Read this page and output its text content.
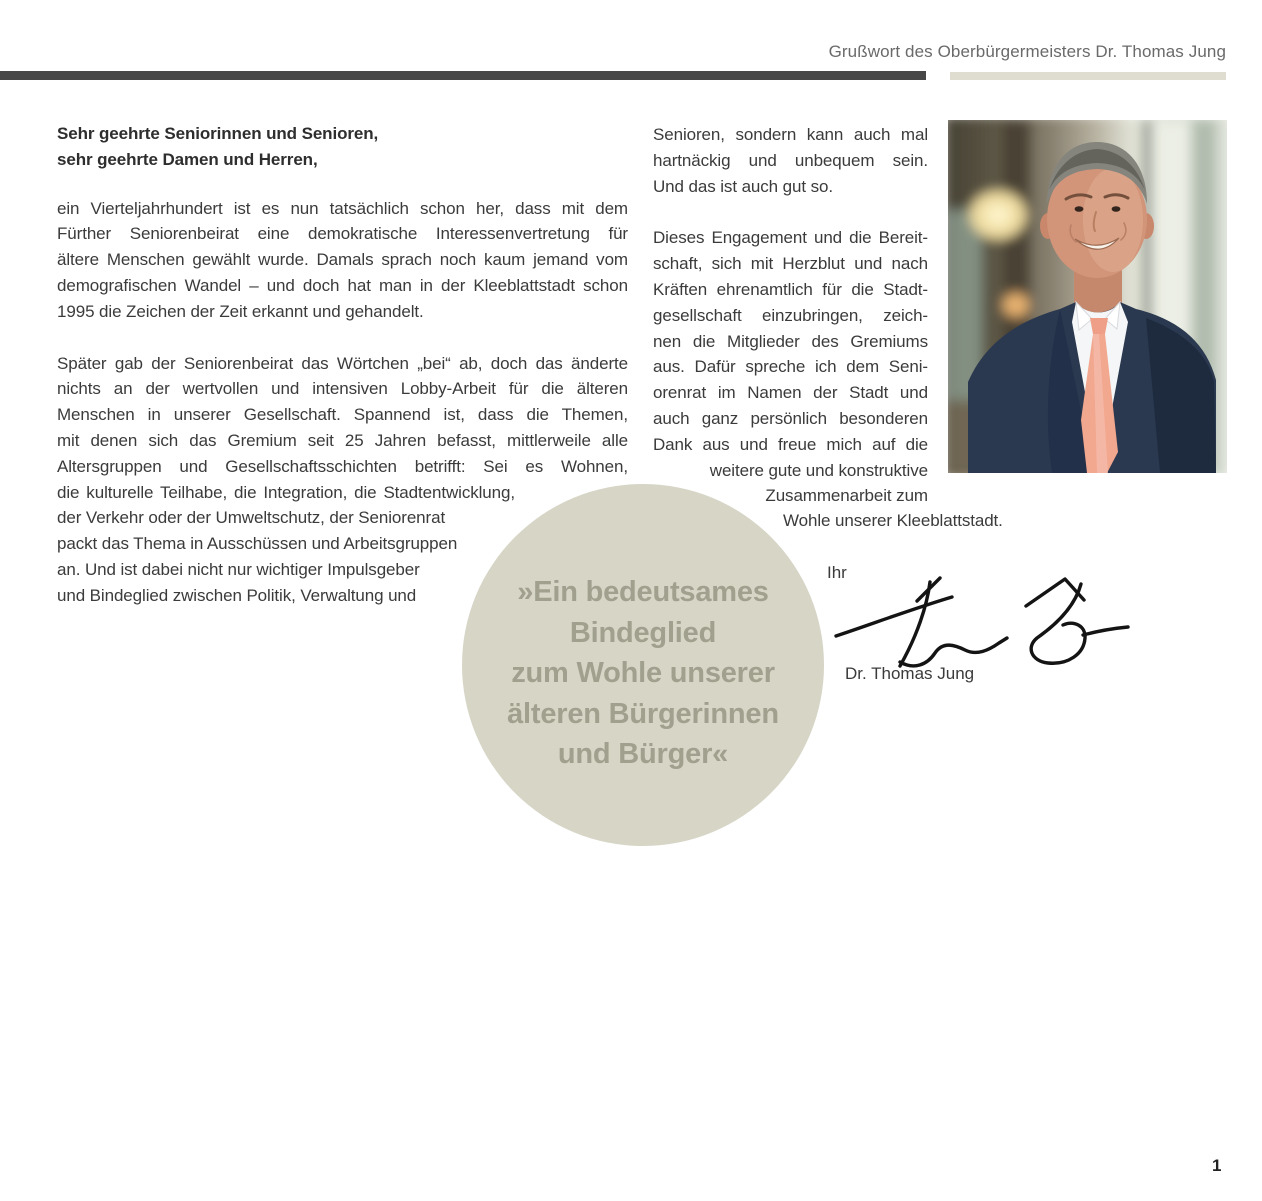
Grußwort des Oberbürgermeisters Dr. Thomas Jung
Sehr geehrte Seniorinnen und Senioren,
sehr geehrte Damen und Herren,
ein Vierteljahrhundert ist es nun tatsächlich schon her, dass mit dem
Fürther Seniorenbeirat eine demokratische Interessenvertretung für
ältere Menschen gewählt wurde. Damals sprach noch kaum jemand vom
demografischen Wandel – und doch hat man in der Kleeblattstadt schon
1995 die Zeichen der Zeit erkannt und gehandelt.
Später gab der Seniorenbeirat das Wörtchen „bei“ ab, doch das änderte
nichts an der wertvollen und intensiven Lobby-Arbeit für die älteren
Menschen in unserer Gesellschaft. Spannend ist, dass die Themen,
mit denen sich das Gremium seit 25 Jahren befasst, mittlerweile alle
Altersgruppen und Gesellschaftsschichten betrifft: Sei es Wohnen,
die kulturelle Teilhabe, die Integration, die Stadtentwicklung,
der Verkehr oder der Umweltschutz, der Seniorenrat
packt das Thema in Ausschüssen und Arbeitsgruppen
an. Und ist dabei nicht nur wichtiger Impulsgeber
und Bindeglied zwischen Politik, Verwaltung und
Senioren, sondern kann auch mal
hartnäckig und unbequem sein.
Und das ist auch gut so.
Dieses Engagement und die Bereit-
schaft, sich mit Herzblut und nach
Kräften ehrenamtlich für die Stadt-
gesellschaft einzubringen, zeich-
nen die Mitglieder des Gremiums
aus. Dafür spreche ich dem Seni-
orenrat im Namen der Stadt und
auch ganz persönlich besonderen
Dank aus und freue mich auf die
weitere gute und konstruktive
Zusammenarbeit zum
Wohle unserer Kleeblattstadt.
Ihr
Dr. Thomas Jung
»Ein bedeutsames
Bindeglied
zum Wohle unserer
älteren Bürgerinnen
und Bürger«
1
